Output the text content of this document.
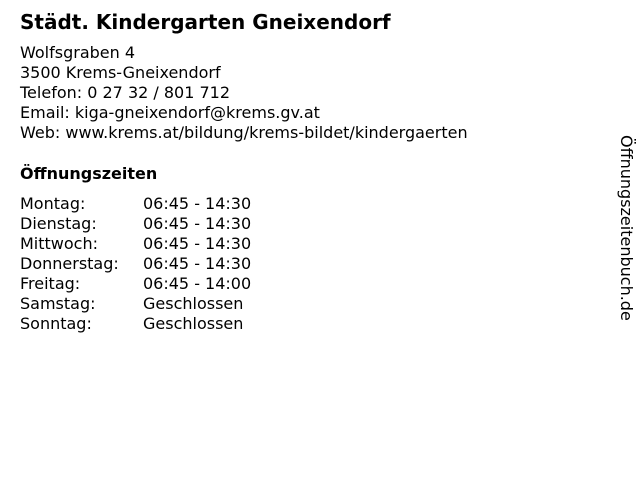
Städt. Kindergarten Gneixendorf
Wolfsgraben 4
3500 Krems-Gneixendorf
Telefon: 0 27 32 / 801 712
Email: kiga-gneixendorf@krems.gv.at
Web: www.krems.at/bildung/krems-bildet/kindergaerten
Öffnungszeiten
Montag:	06:45 - 14:30
Dienstag:	06:45 - 14:30
Mittwoch:	06:45 - 14:30
Donnerstag:	06:45 - 14:30
Freitag:	06:45 - 14:00
Samstag:	Geschlossen
Sonntag:	Geschlossen
Öffnungszeitenbuch.de
